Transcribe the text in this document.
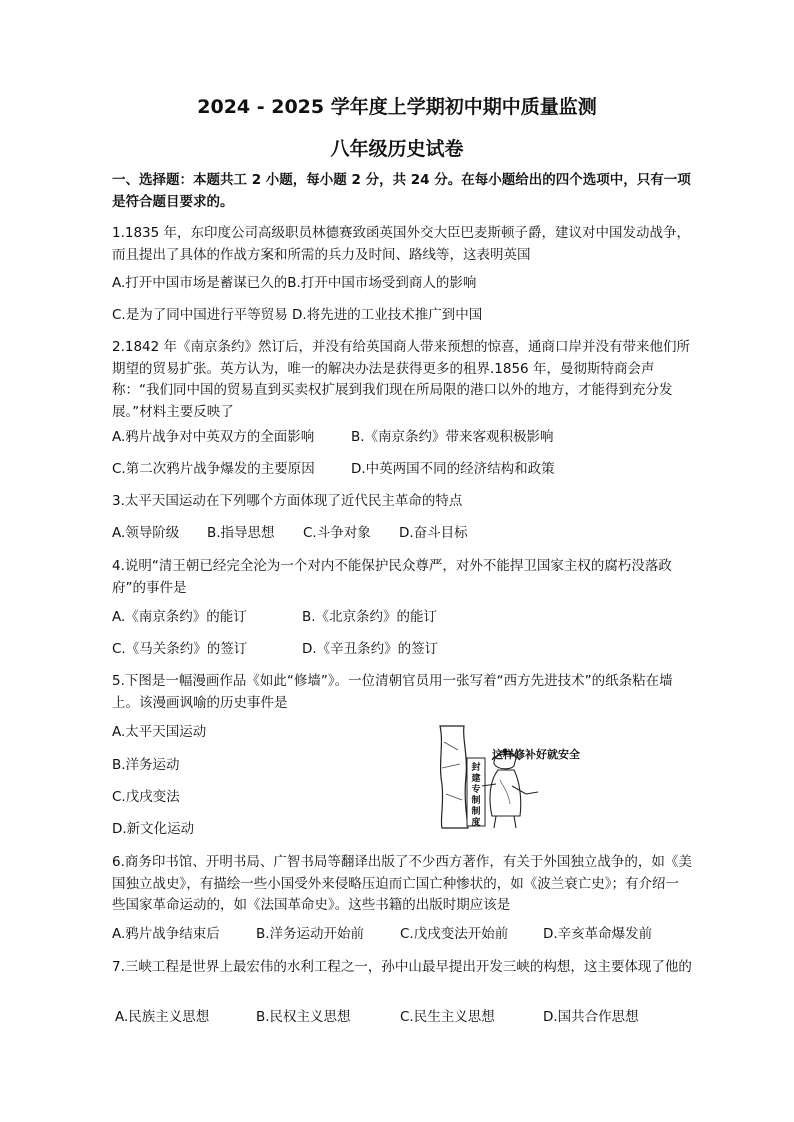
2024 - 2025 学年度上学期初中期中质量监测
八年级历史试卷

一、选择题：本题共工 2 小题，每小题 2 分，共 24 分。在每小题给出的四个选项中，只有一项是符合题目要求的。

1.1835 年，东印度公司高级职员林德赛致函英国外交大臣巴麦斯顿子爵，建议对中国发动战争，而且提出了具体的作战方案和所需的兵力及时间、路线等，这表明英国

A.打开中国市场是蓄谋已久的B.打开中国市场受到商人的影响
C.是为了同中国进行平等贸易 D.将先进的工业技术推广到中国

2.1842 年《南京条约》然订后，并没有给英国商人带来预想的惊喜，通商口岸并没有带来他们所期望的贸易扩张。英方认为，唯一的解决办法是获得更多的租界.1856 年，曼彻斯特商会声称：“我们同中国的贸易直到买卖权扩展到我们现在所局限的港口以外的地方，才能得到充分发展。”材料主要反映了

A.鸦片战争对中英双方的全面影响	B.《南京条约》带来客观积极影响
C.第二次鸦片战争爆发的主要原因	D.中英两国不同的经济结构和政策
3.太平天国运动在下列哪个方面体现了近代民主革命的特点
A.领导阶级 B.指导思想 C.斗争对象 D.奋斗目标

4.说明“清王朝已经完全沦为一个对内不能保护民众尊严，对外不能捍卫国家主权的腐朽没落政府”的事件是

A.《南京条约》的能订	B.《北京条约》的能订
C.《马关条约》的签订	D.《辛丑条约》的签订

5.下图是一幅漫画作品《如此“修墙”》。一位清朝官员用一张写着“西方先进技术”的纸条粘在墙上。该漫画讽喻的历史事件是

A.太平天国运动
B.洋务运动
C.戊戌变法
D.新文化运动
封
建
专
制
制
度
这样修补好就安全

6.商务印书馆、开明书局、广智书局等翻译出版了不少西方著作，有关于外国独立战争的，如《美国独立战史》，有描绘一些小国受外来侵略压迫而亡国亡种惨状的，如《波兰衰亡史》；有介绍一些国家革命运动的，如《法国革命史》。这些书籍的出版时期应该是

A.鸦片战争结束后	B.洋务运动开始前	C.戊戌变法开始前	D.辛亥革命爆发前

7.三峡工程是世界上最宏伟的水利工程之一，孙中山最早提出开发三峡的构想，这主要体现了他的

A.民族主义思想	B.民权主义思想	C.民生主义思想	D.国共合作思想
